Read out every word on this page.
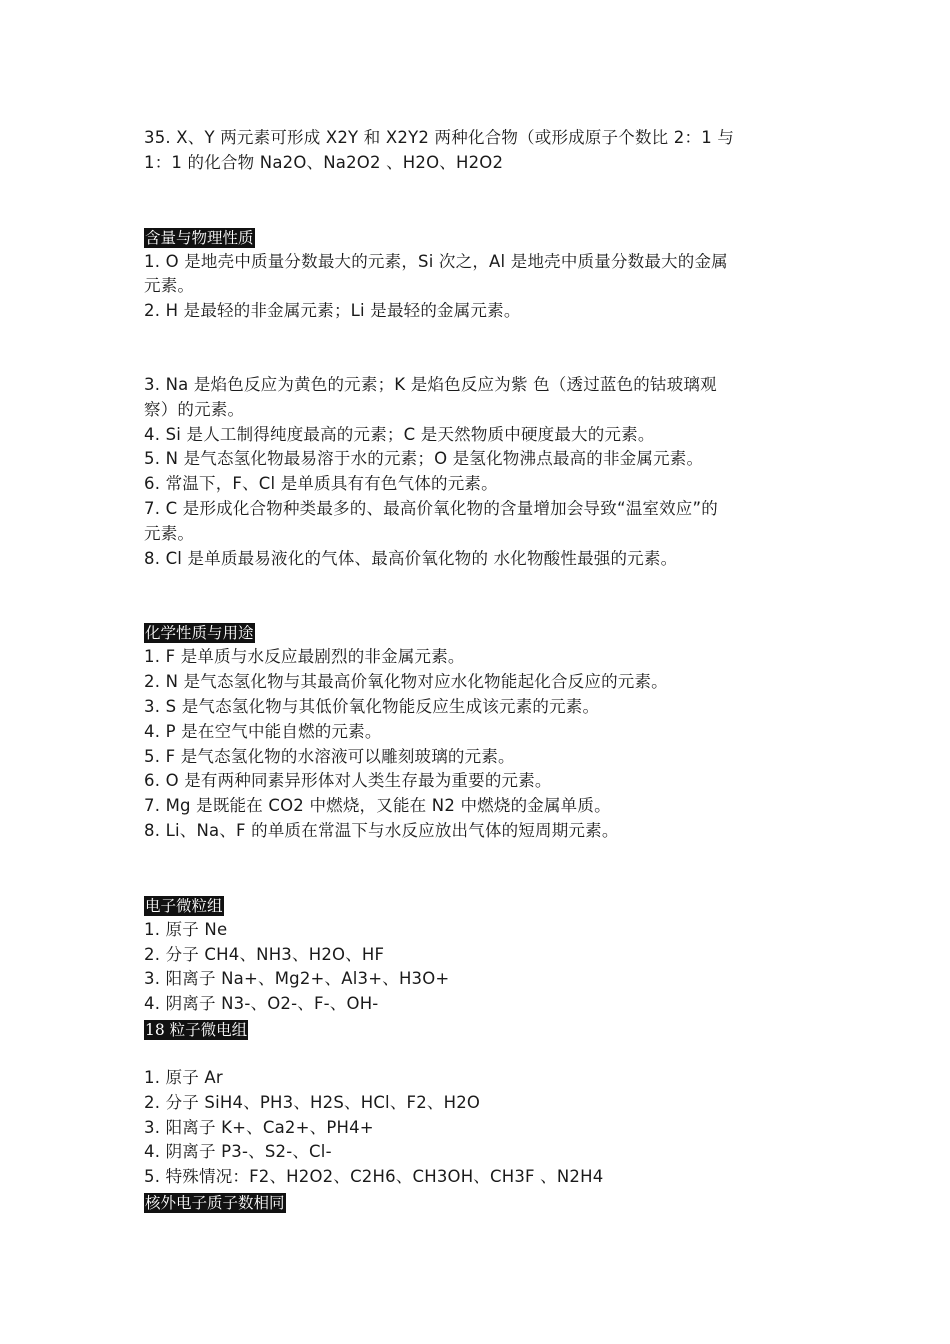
35. X、Y 两元素可形成 X2Y 和 X2Y2 两种化合物（或形成原子个数比 2：1 与
1：1 的化合物 Na2O、Na2O2 、H2O、H2O2
含量与物理性质
1. O 是地壳中质量分数最大的元素，Si 次之，Al 是地壳中质量分数最大的金属
元素。
2. H 是最轻的非金属元素；Li 是最轻的金属元素。
3. Na 是焰色反应为黄色的元素；K 是焰色反应为紫 色（透过蓝色的钴玻璃观
察）的元素。
4. Si 是人工制得纯度最高的元素；C 是天然物质中硬度最大的元素。
5. N 是气态氢化物最易溶于水的元素；O 是氢化物沸点最高的非金属元素。
6. 常温下，F、Cl 是单质具有有色气体的元素。
7. C 是形成化合物种类最多的、最高价氧化物的含量增加会导致“温室效应”的
元素。
8. Cl 是单质最易液化的气体、最高价氧化物的 水化物酸性最强的元素。
化学性质与用途
1. F 是单质与水反应最剧烈的非金属元素。
2. N 是气态氢化物与其最高价氧化物对应水化物能起化合反应的元素。
3. S 是气态氢化物与其低价氧化物能反应生成该元素的元素。
4. P 是在空气中能自燃的元素。
5. F 是气态氢化物的水溶液可以雕刻玻璃的元素。
6. O 是有两种同素异形体对人类生存最为重要的元素。
7. Mg 是既能在 CO2 中燃烧，又能在 N2 中燃烧的金属单质。
8. Li、Na、F 的单质在常温下与水反应放出气体的短周期元素。
电子微粒组
1. 原子 Ne
2. 分子 CH4、NH3、H2O、HF
3. 阳离子 Na+、Mg2+、Al3+、H3O+
4. 阴离子 N3-、O2-、F-、OH-
18 粒子微电组
1. 原子 Ar
2. 分子 SiH4、PH3、H2S、HCl、F2、H2O
3. 阳离子 K+、Ca2+、PH4+
4. 阴离子 P3-、S2-、Cl-
5. 特殊情况：F2、H2O2、C2H6、CH3OH、CH3F 、N2H4
核外电子质子数相同
